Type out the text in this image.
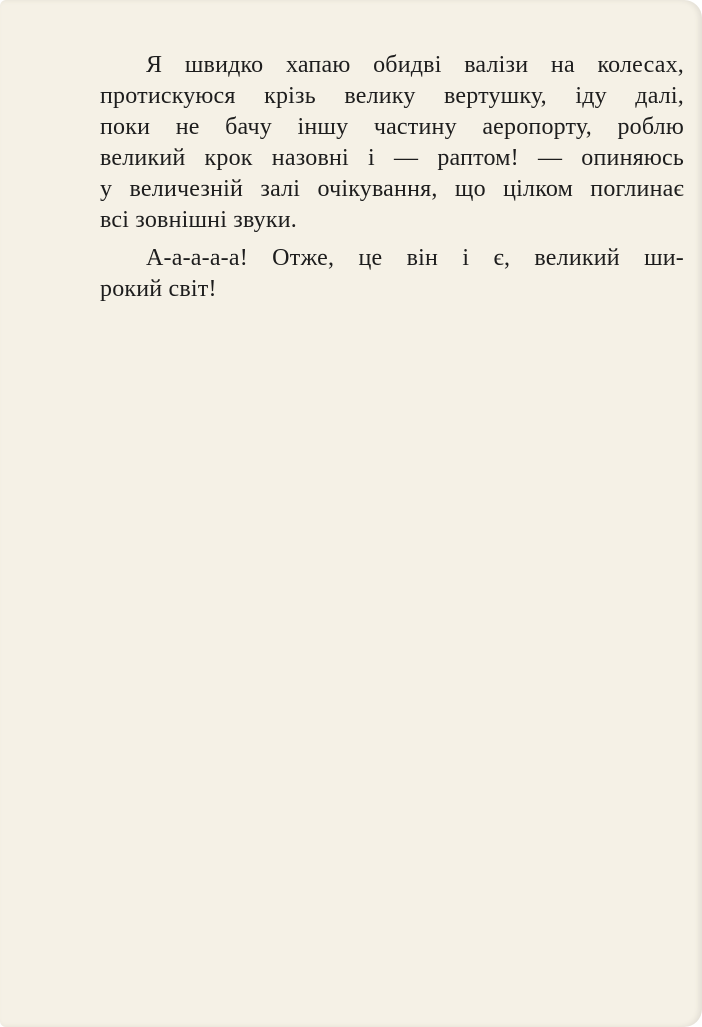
Я швидко хапаю обидві валізи на колесах,
протискуюся крізь велику вертушку, іду далі,
поки не бачу іншу частину аеропорту, роблю
великий крок назовні і — раптом! — опиняюсь
у величезній залі очікування, що цілком поглинає
всі зовнішні звуки.
А-а-а-а-а! Отже, це він і є, великий ши-
рокий світ!
